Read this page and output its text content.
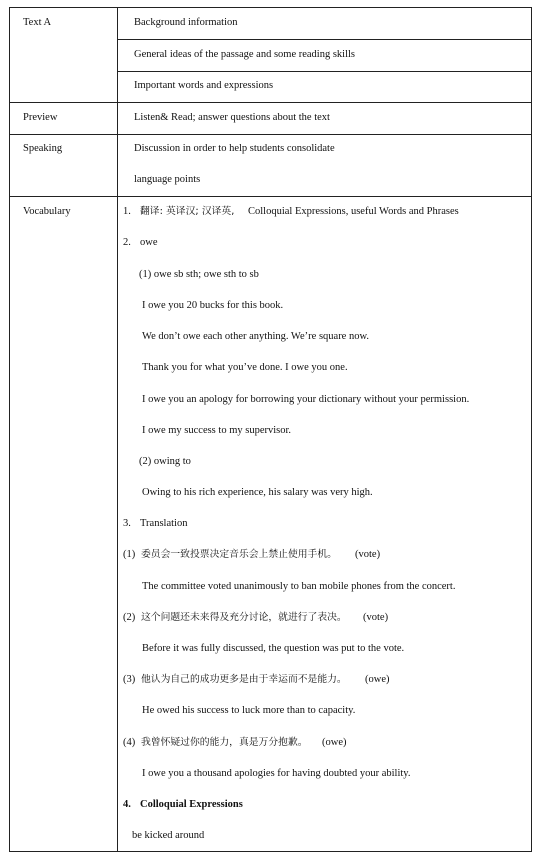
Text A	Background information
General ideas of the passage and some reading skills
Important words and expressions
Preview	Listen& Read; answer questions about the text
Speaking	Discussion in order to help students consolidate
language points
Vocabulary	1. 翻译: 英译汉; 汉译英, Colloquial Expressions, useful Words and Phrases
2. owe
(1) owe sb sth; owe sth to sb
I owe you 20 bucks for this book.
We don’t owe each other anything. We’re square now.
Thank you for what you’ve done. I owe you one.
I owe you an apology for borrowing your dictionary without your permission.
I owe my success to my supervisor.
(2) owing to
Owing to his rich experience, his salary was very high.
3. Translation
(1) 委员会一致投票决定音乐会上禁止使用手机。 (vote)
The committee voted unanimously to ban mobile phones from the concert.
(2) 这个问题还未来得及充分讨论，就进行了表决。 (vote)
Before it was fully discussed, the question was put to the vote.
(3) 他认为自己的成功更多是由于幸运而不是能力。 (owe)
He owed his success to luck more than to capacity.
(4) 我曾怀疑过你的能力，真是万分抱歉。 (owe)
I owe you a thousand apologies for having doubted your ability.
4. Colloquial Expressions
be kicked around
